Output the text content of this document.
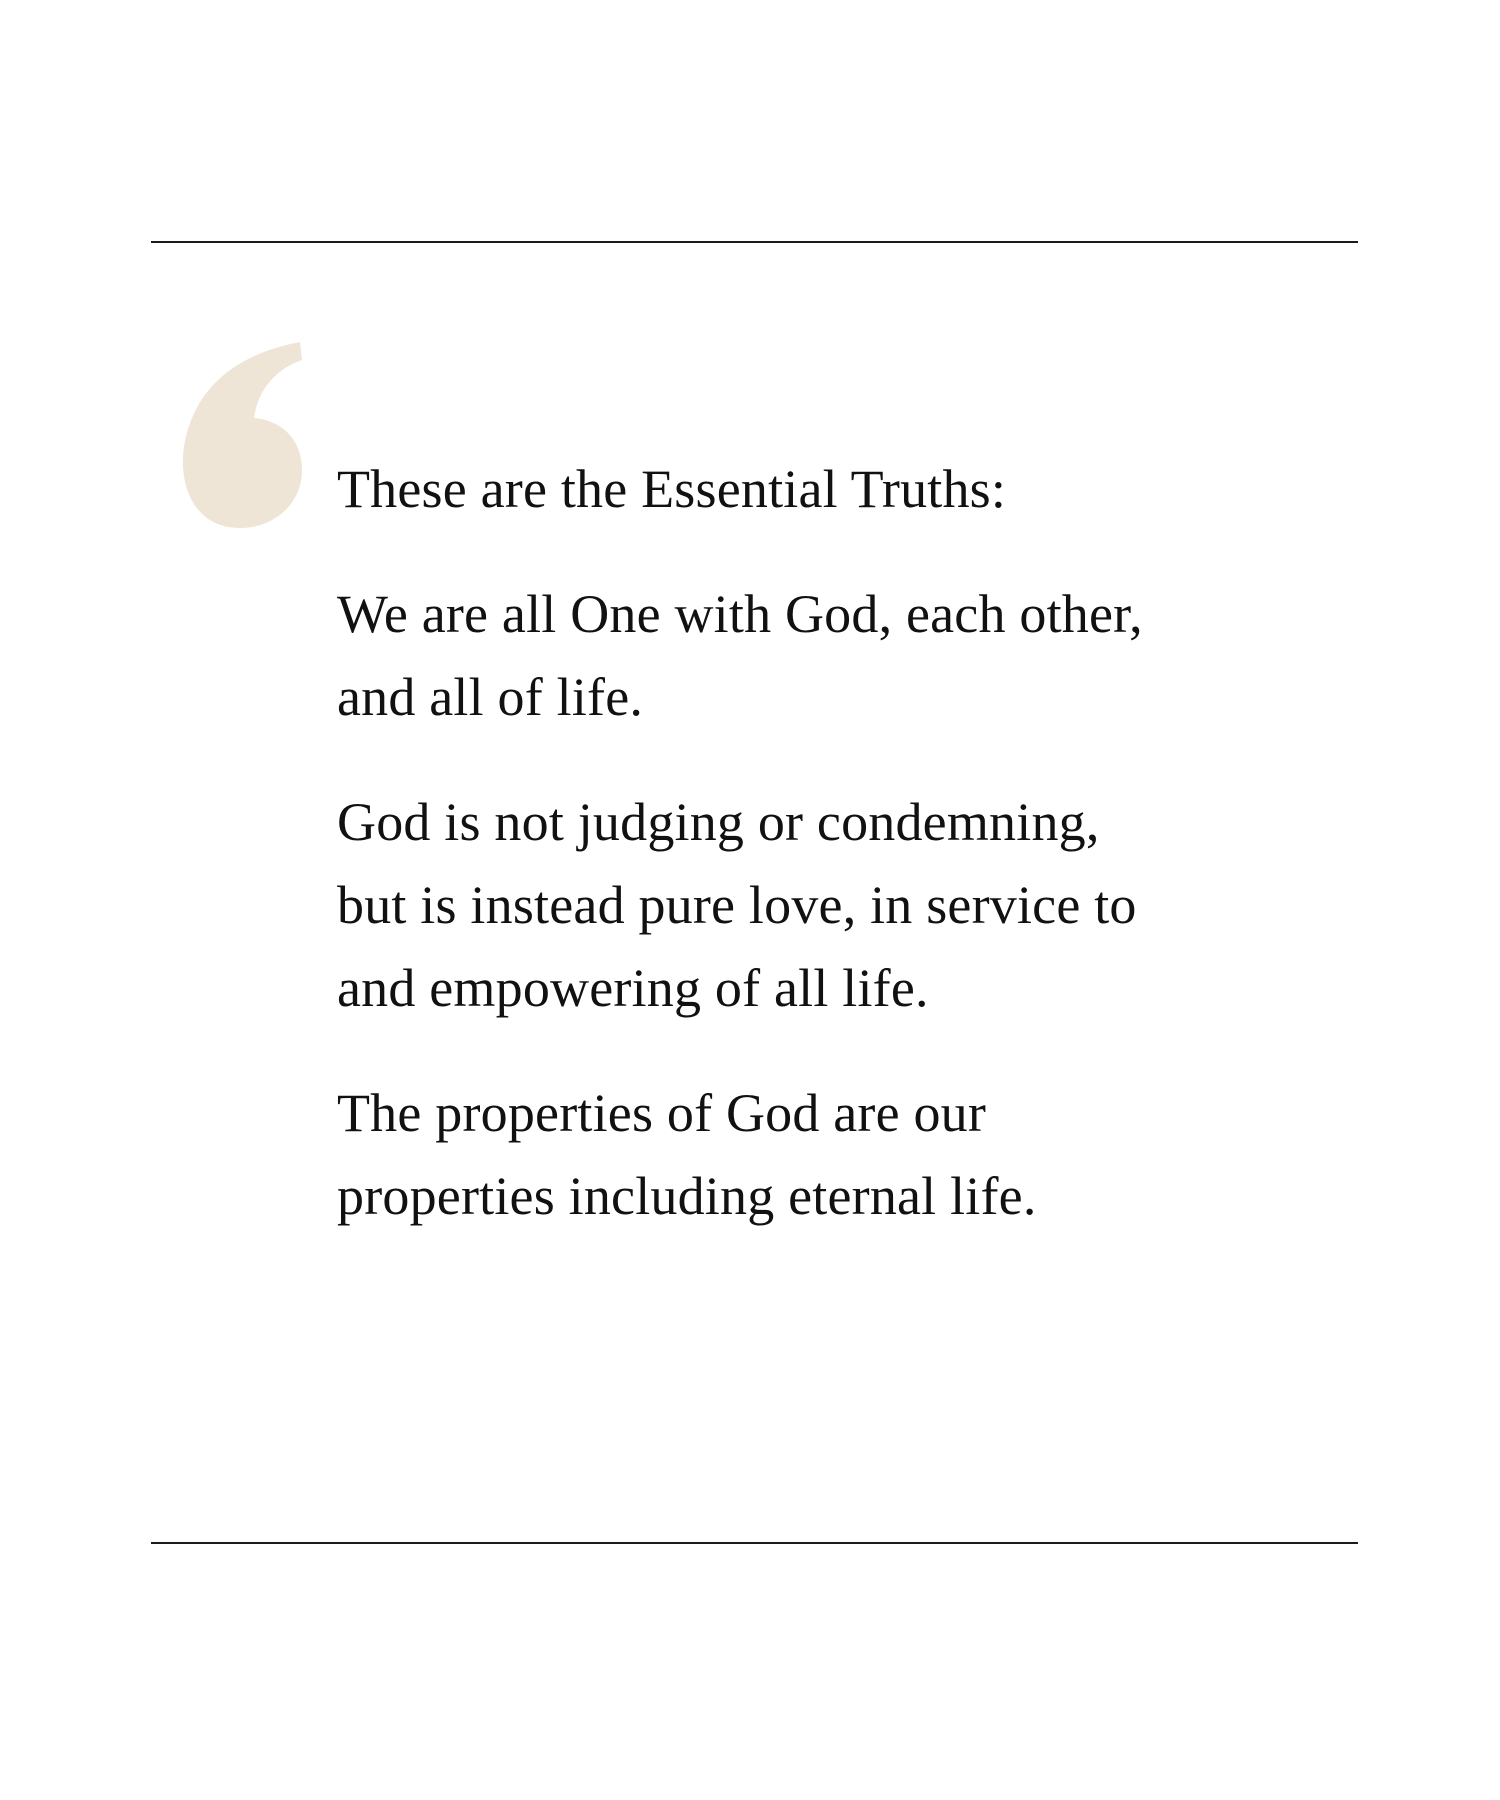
These are the Essential Truths:

We are all One with God, each other,
and all of life.

God is not judging or condemning,
but is instead pure love, in service to
and empowering of all life.

The properties of God are our
properties including eternal life.
